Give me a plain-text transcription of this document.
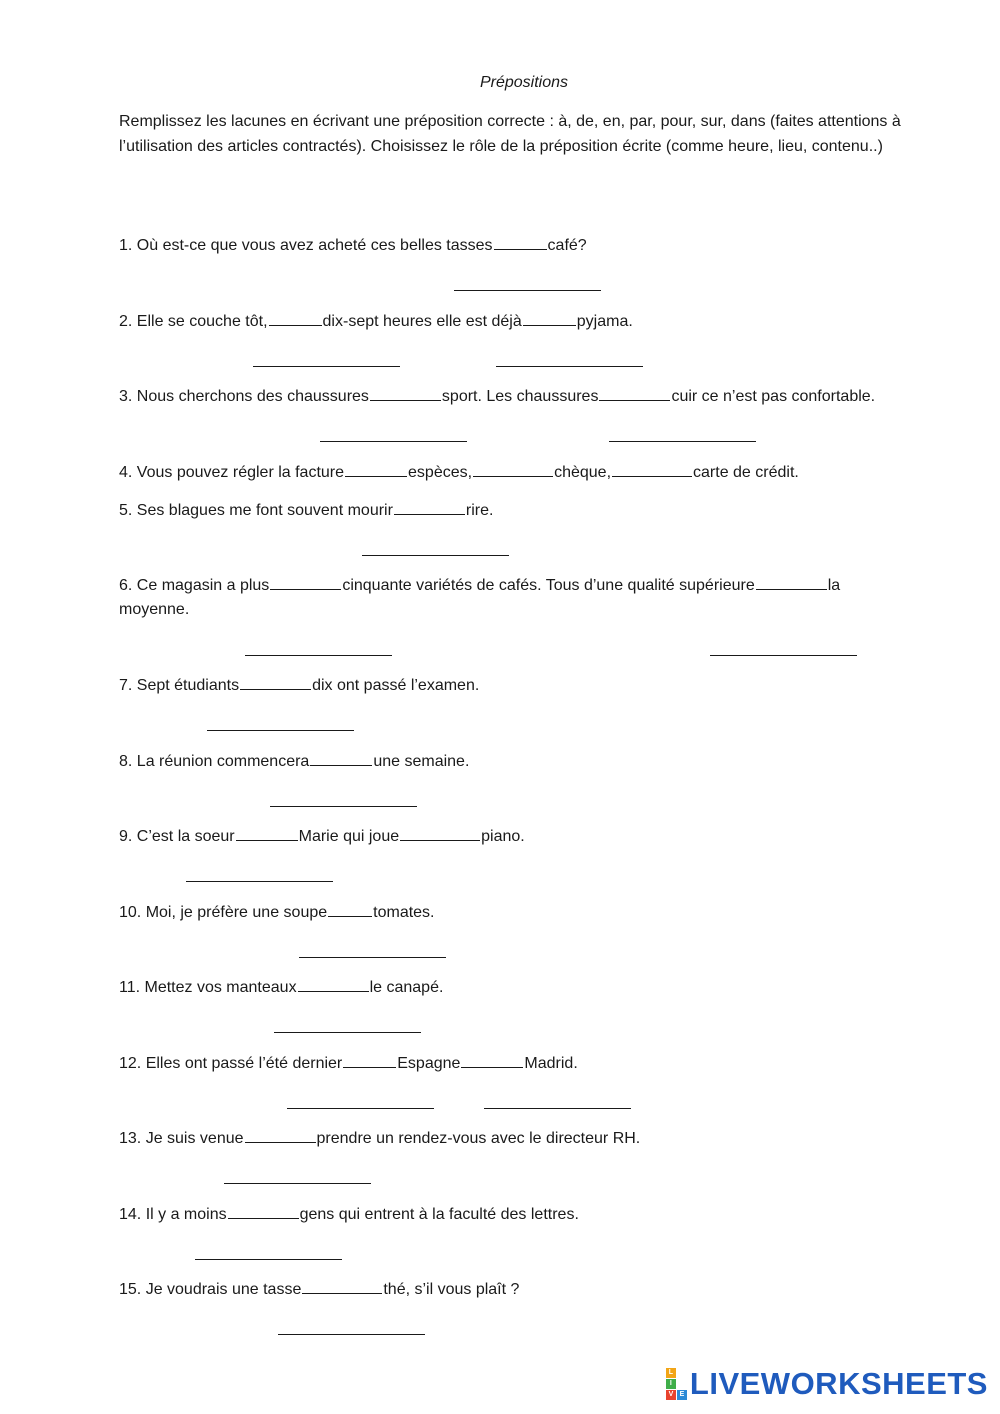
Prépositions
Remplissez les lacunes en écrivant une préposition correcte : à, de, en, par, pour, sur, dans (faites attentions à l’utilisation des articles contractés). Choisissez le rôle de la préposition écrite (comme heure, lieu, contenu..)
1. Où est-ce que vous avez acheté ces belles tasses	café?
2. Elle se couche tôt,	dix-sept heures elle est déjà	pyjama.
3. Nous cherchons des chaussures	sport. Les chaussures	cuir ce n’est pas confortable.
4. Vous pouvez régler la facture	espèces,	chèque,	carte de crédit.
5. Ses blagues me font souvent mourir	rire.
6. Ce magasin a plus	cinquante variétés de cafés. Tous d’une qualité supérieure	la moyenne.
7. Sept étudiants	dix ont passé l’examen.
8. La réunion commencera	une semaine.
9. C’est la soeur	Marie qui joue	piano.
10. Moi, je préfère une soupe	tomates.
11. Mettez vos manteaux	le canapé.
12. Elles ont passé l’été dernier	Espagne	Madrid.
13. Je suis venue	prendre un rendez-vous avec le directeur RH.
14. Il y a moins	gens qui entrent à la faculté des lettres.
15. Je voudrais une tasse	thé, s’il vous plaît ?
L
I
V E LIVEWORKSHEETS
